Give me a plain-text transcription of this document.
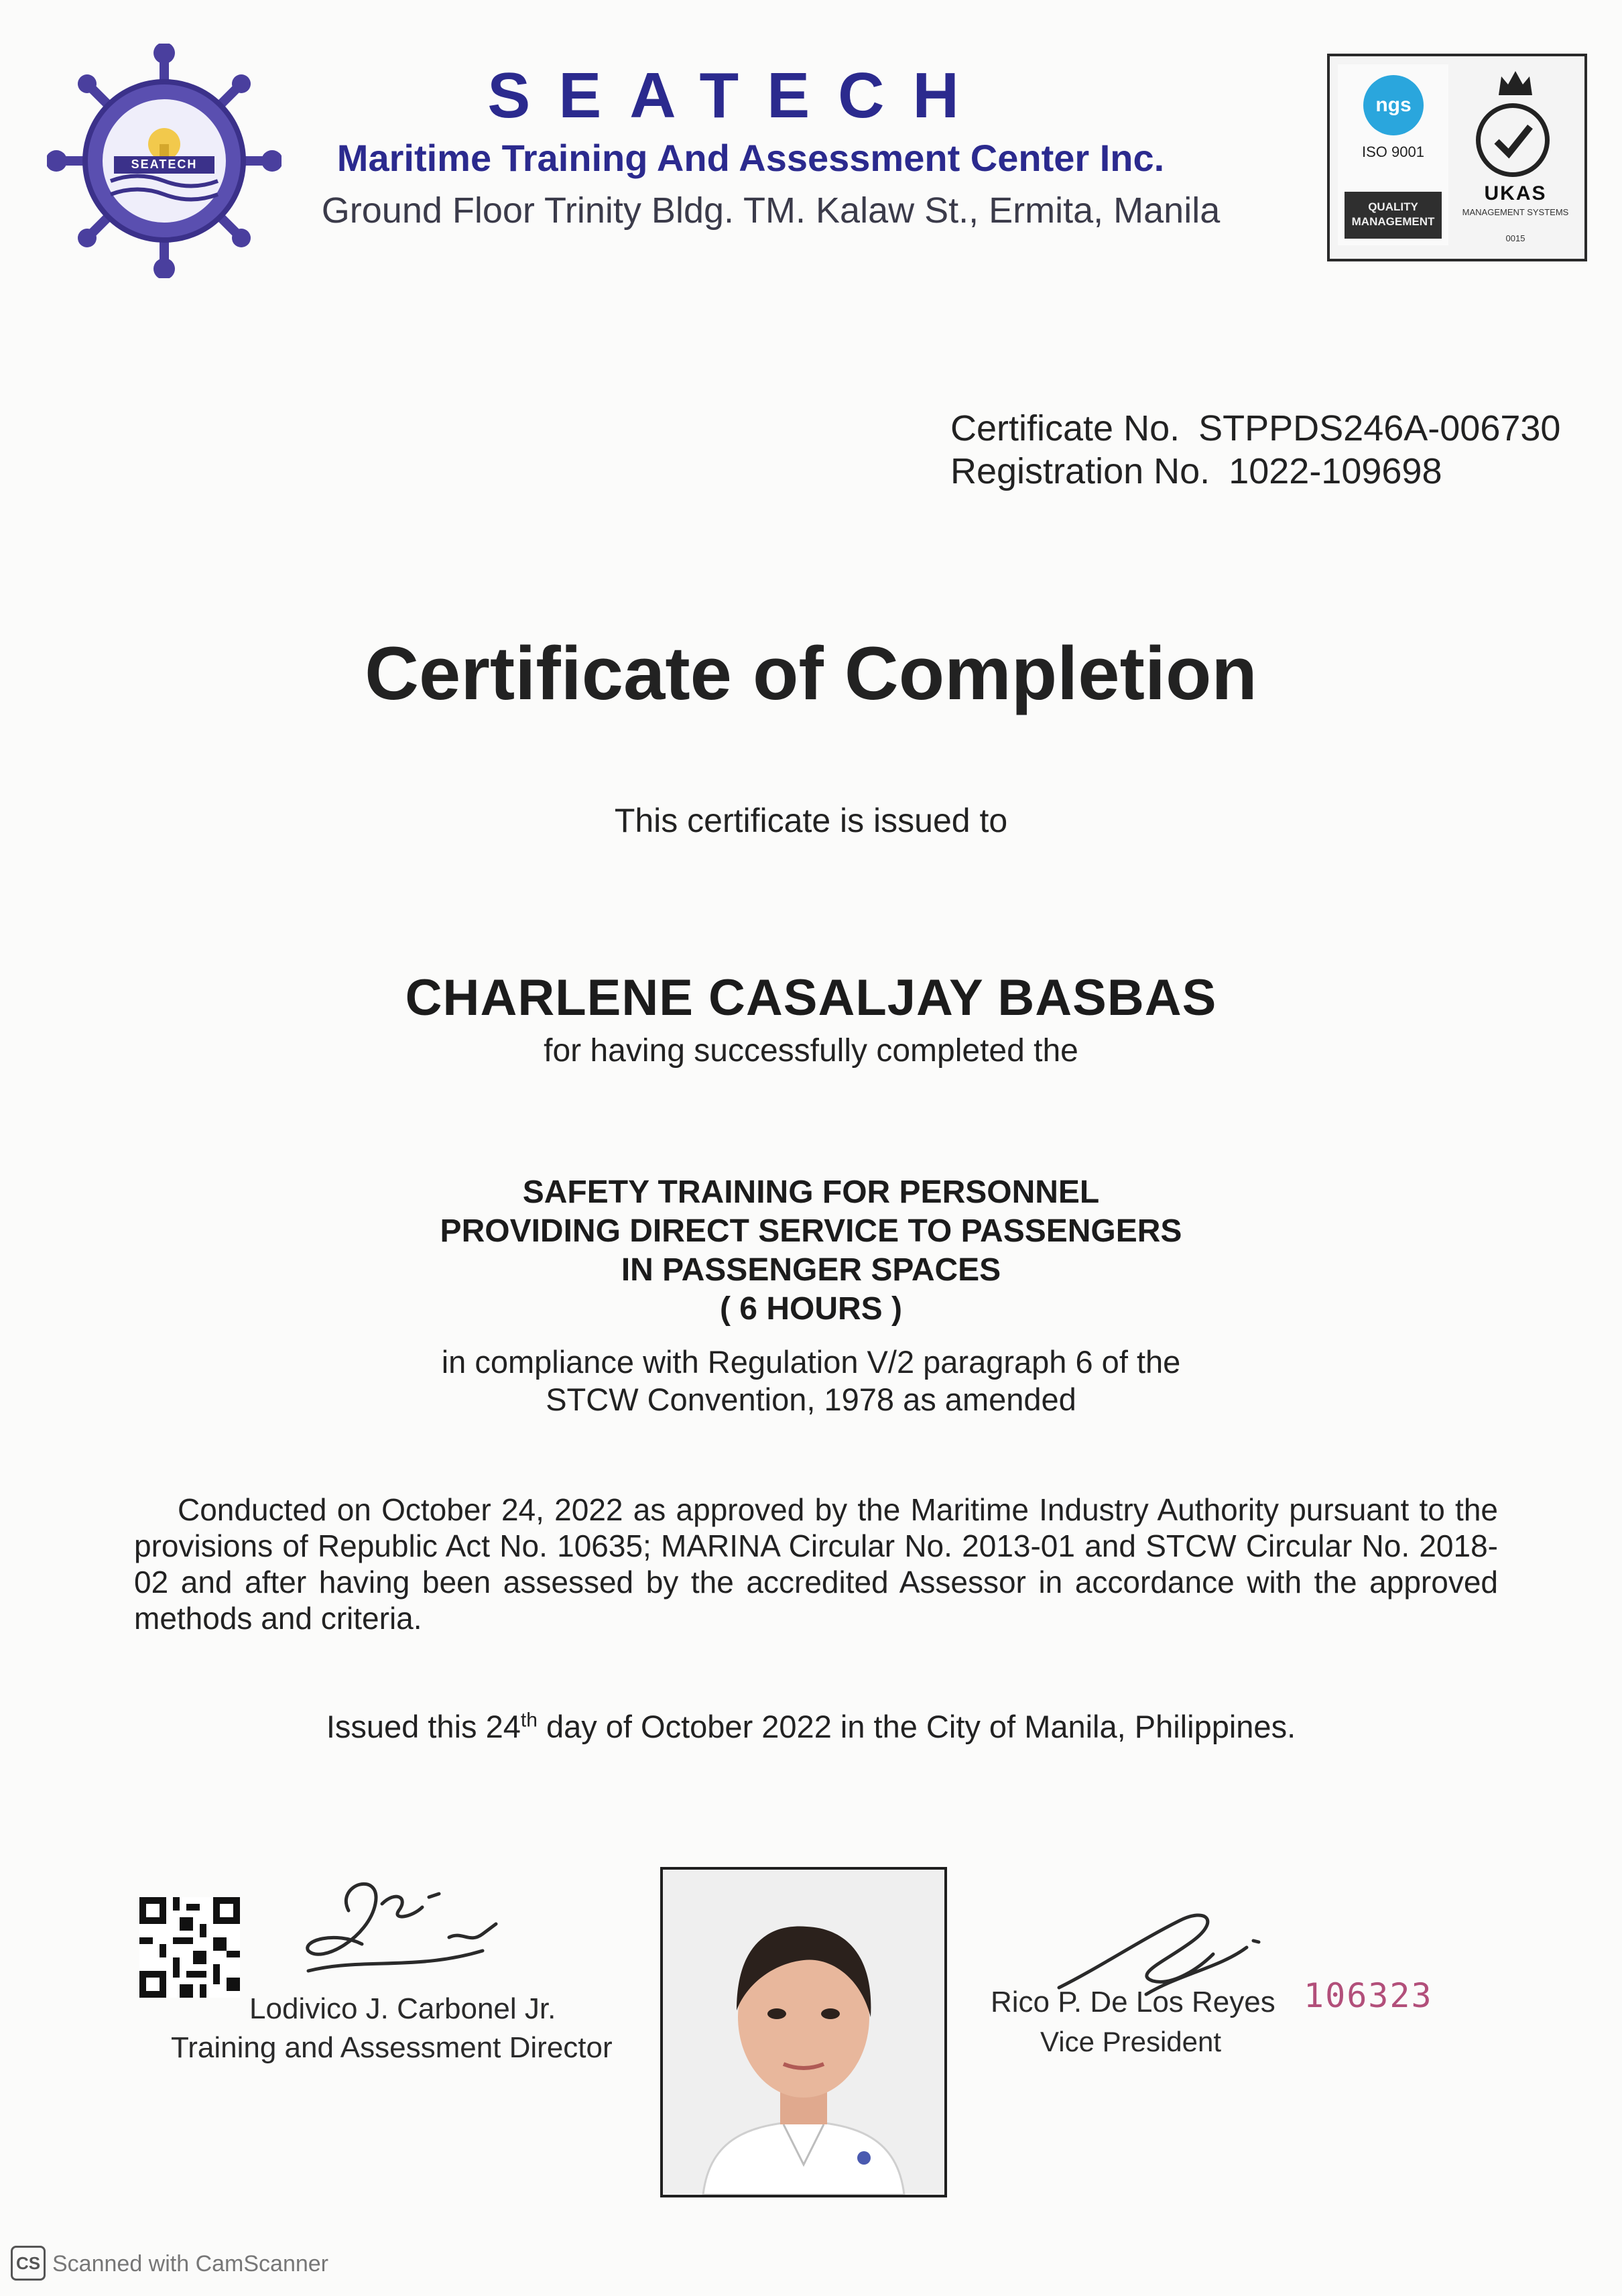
SEATECH
SEATECH
Maritime Training And Assessment Center Inc.
Ground Floor Trinity Bldg. TM. Kalaw St., Ermita, Manila
ngs
ISO 9001
QUALITY MANAGEMENT
UKAS
MANAGEMENT SYSTEMS
0015
Certificate No. STPPDS246A-006730
Registration No. 1022-109698
Certificate of Completion
This certificate is issued to
CHARLENE CASALJAY BASBAS
for having successfully completed the
SAFETY TRAINING FOR PERSONNEL
PROVIDING DIRECT SERVICE TO PASSENGERS
IN PASSENGER SPACES
( 6 HOURS )
in compliance with Regulation V/2 paragraph 6 of the
STCW Convention, 1978 as amended
Conducted on October 24, 2022 as approved by the Maritime Industry Authority pursuant to the provisions of Republic Act No. 10635; MARINA Circular No. 2013-01 and STCW Circular No. 2018-02 and after having been assessed by the accredited Assessor in accordance with the approved methods and criteria.
Issued this 24th day of October 2022 in the City of Manila, Philippines.
Lodivico J. Carbonel Jr.
Training and Assessment Director
Rico P. De Los Reyes
Vice President
106323
CS Scanned with CamScanner
